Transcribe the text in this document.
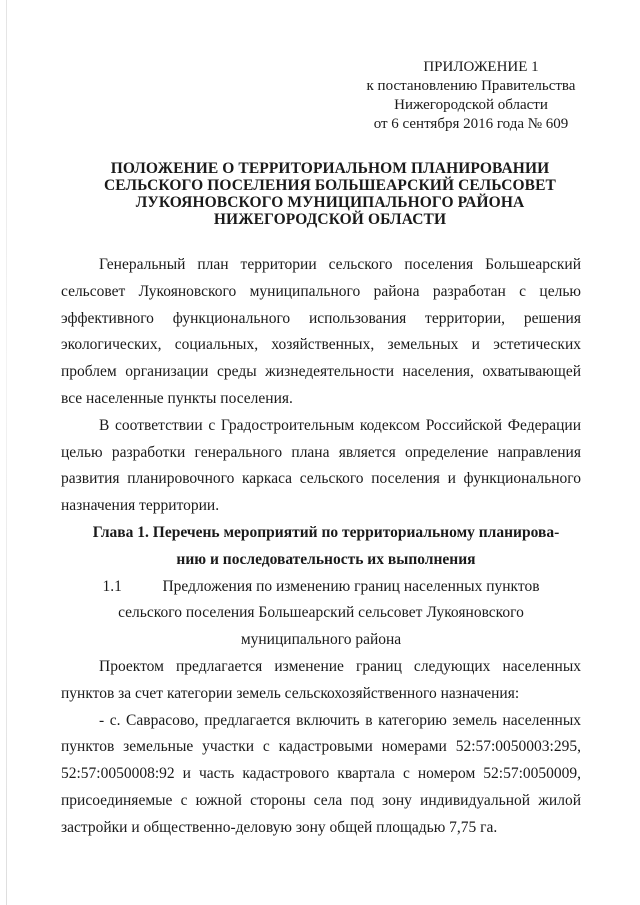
ПРИЛОЖЕНИЕ 1
к постановлению Правительства
Нижегородской области
от 6 сентября 2016 года № 609
ПОЛОЖЕНИЕ О ТЕРРИТОРИАЛЬНОМ ПЛАНИРОВАНИИ
СЕЛЬСКОГО ПОСЕЛЕНИЯ БОЛЬШЕАРСКИЙ СЕЛЬСОВЕТ
ЛУКОЯНОВСКОГО МУНИЦИПАЛЬНОГО РАЙОНА
НИЖЕГОРОДСКОЙ ОБЛАСТИ

Генеральный план территории сельского поселения Большеарский сельсовет Лукояновского муниципального района разработан с целью эффективного функционального использования территории, решения экологических, социальных, хозяйственных, земельных и эстетических проблем организации среды жизнедеятельности населения, охватывающей все населенные пункты поселения.

В соответствии с Градостроительным кодексом Российской Федерации целью разработки генерального плана является определение направления развития планировочного каркаса сельского поселения и функционального назначения территории.

Глава 1. Перечень мероприятий по территориальному планирова-

нию и последовательность их выполнения

1.1	Предложения по изменению границ населенных пунктов

сельского поселения Большеарский сельсовет Лукояновского

муниципального района

Проектом предлагается изменение границ следующих населенных пунктов за счет категории земель сельскохозяйственного назначения:

- с. Саврасово, предлагается включить в категорию земель населенных пунктов земельные участки с кадастровыми номерами 52:57:0050003:295, 52:57:0050008:92 и часть кадастрового квартала с номером 52:57:0050009, присоединяемые с южной стороны села под зону индивидуальной жилой застройки и общественно-деловую зону общей площадью 7,75 га.
